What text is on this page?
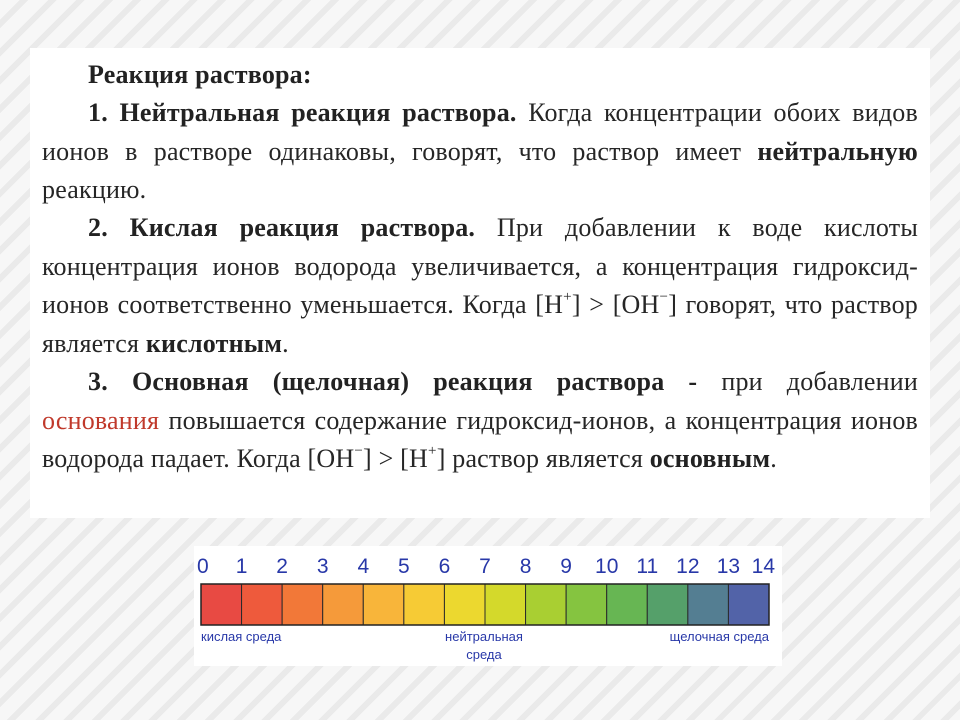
Реакция раствора:

1. Нейтральная реакция раствора. Когда концентрации обоих видов ионов в растворе одинаковы, говорят, что раствор имеет нейтральную реакцию.

2. Кислая реакция раствора. При добавлении к воде кислоты концентрация ионов водорода увеличивается, а концентрация гидроксид-ионов соответственно уменьшается. Когда [H+] > [OH−] говорят, что раствор является кислотным.

3. Основная (щелочная) реакция раствора - при добавлении основания повышается содержание гидроксид-ионов, а концентрация ионов водорода падает. Когда [OH−] > [H+] раствор является основным.

0 1 2 3 4 5 6 7 8 9 10 11 12 13 14
кислая среда	нейтральная
среда
щелочная среда
